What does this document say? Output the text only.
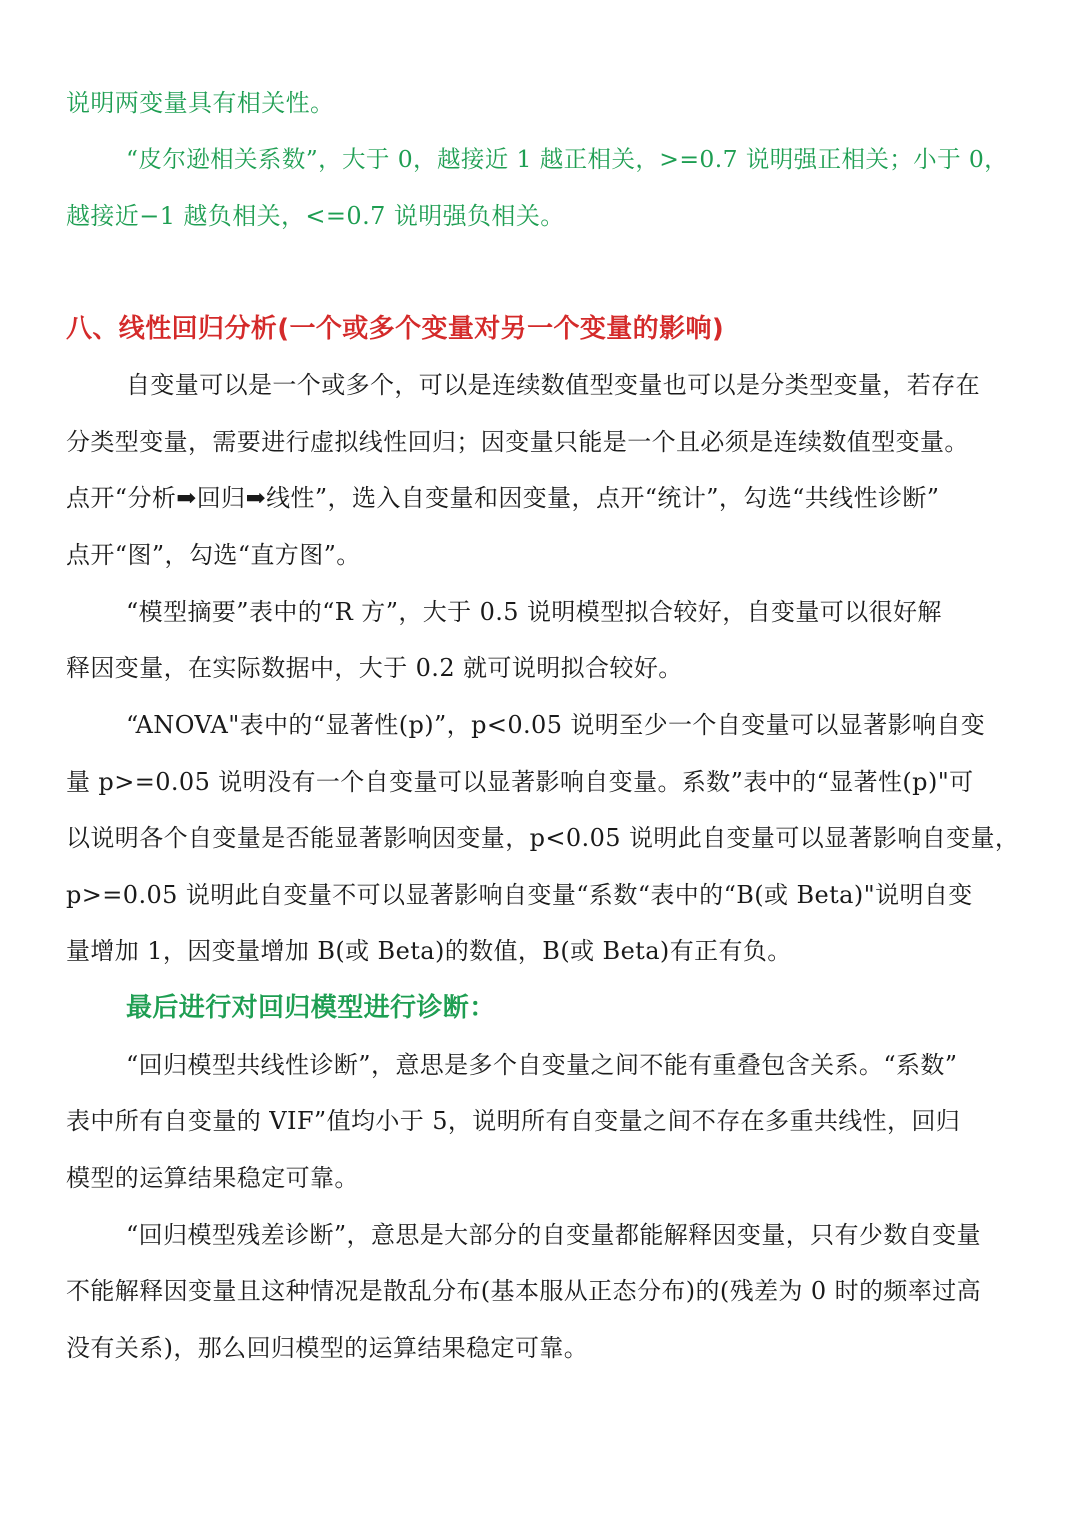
说明两变量具有相关性。
“皮尔逊相关系数”，大于 0，越接近 1 越正相关，>=0.7 说明强正相关；小于 0，
越接近−1 越负相关，<=0.7 说明强负相关。
八、线性回归分析(一个或多个变量对另一个变量的影响)
自变量可以是一个或多个，可以是连续数值型变量也可以是分类型变量，若存在
分类型变量，需要进行虚拟线性回归；因变量只能是一个且必须是连续数值型变量。
点开“分析➡回归➡线性”，选入自变量和因变量，点开“统计”，勾选“共线性诊断”
点开“图”，勾选“直方图”。
“模型摘要”表中的“R 方”，大于 0.5 说明模型拟合较好，自变量可以很好解
释因变量，在实际数据中，大于 0.2 就可说明拟合较好。
“ANOVA"表中的“显著性(p)”，p<0.05 说明至少一个自变量可以显著影响自变
量 p>=0.05 说明没有一个自变量可以显著影响自变量。系数”表中的“显著性(p)"可
以说明各个自变量是否能显著影响因变量，p<0.05 说明此自变量可以显著影响自变量，
p>=0.05 说明此自变量不可以显著影响自变量“系数“表中的“B(或 Beta)"说明自变
量增加 1，因变量增加 B(或 Beta)的数值，B(或 Beta)有正有负。
最后进行对回归模型进行诊断：
“回归模型共线性诊断”，意思是多个自变量之间不能有重叠包含关系。“系数”
表中所有自变量的 VIF”值均小于 5，说明所有自变量之间不存在多重共线性，回归
模型的运算结果稳定可靠。
“回归模型残差诊断”，意思是大部分的自变量都能解释因变量，只有少数自变量
不能解释因变量且这种情况是散乱分布(基本服从正态分布)的(残差为 0 时的频率过高
没有关系)，那么回归模型的运算结果稳定可靠。
